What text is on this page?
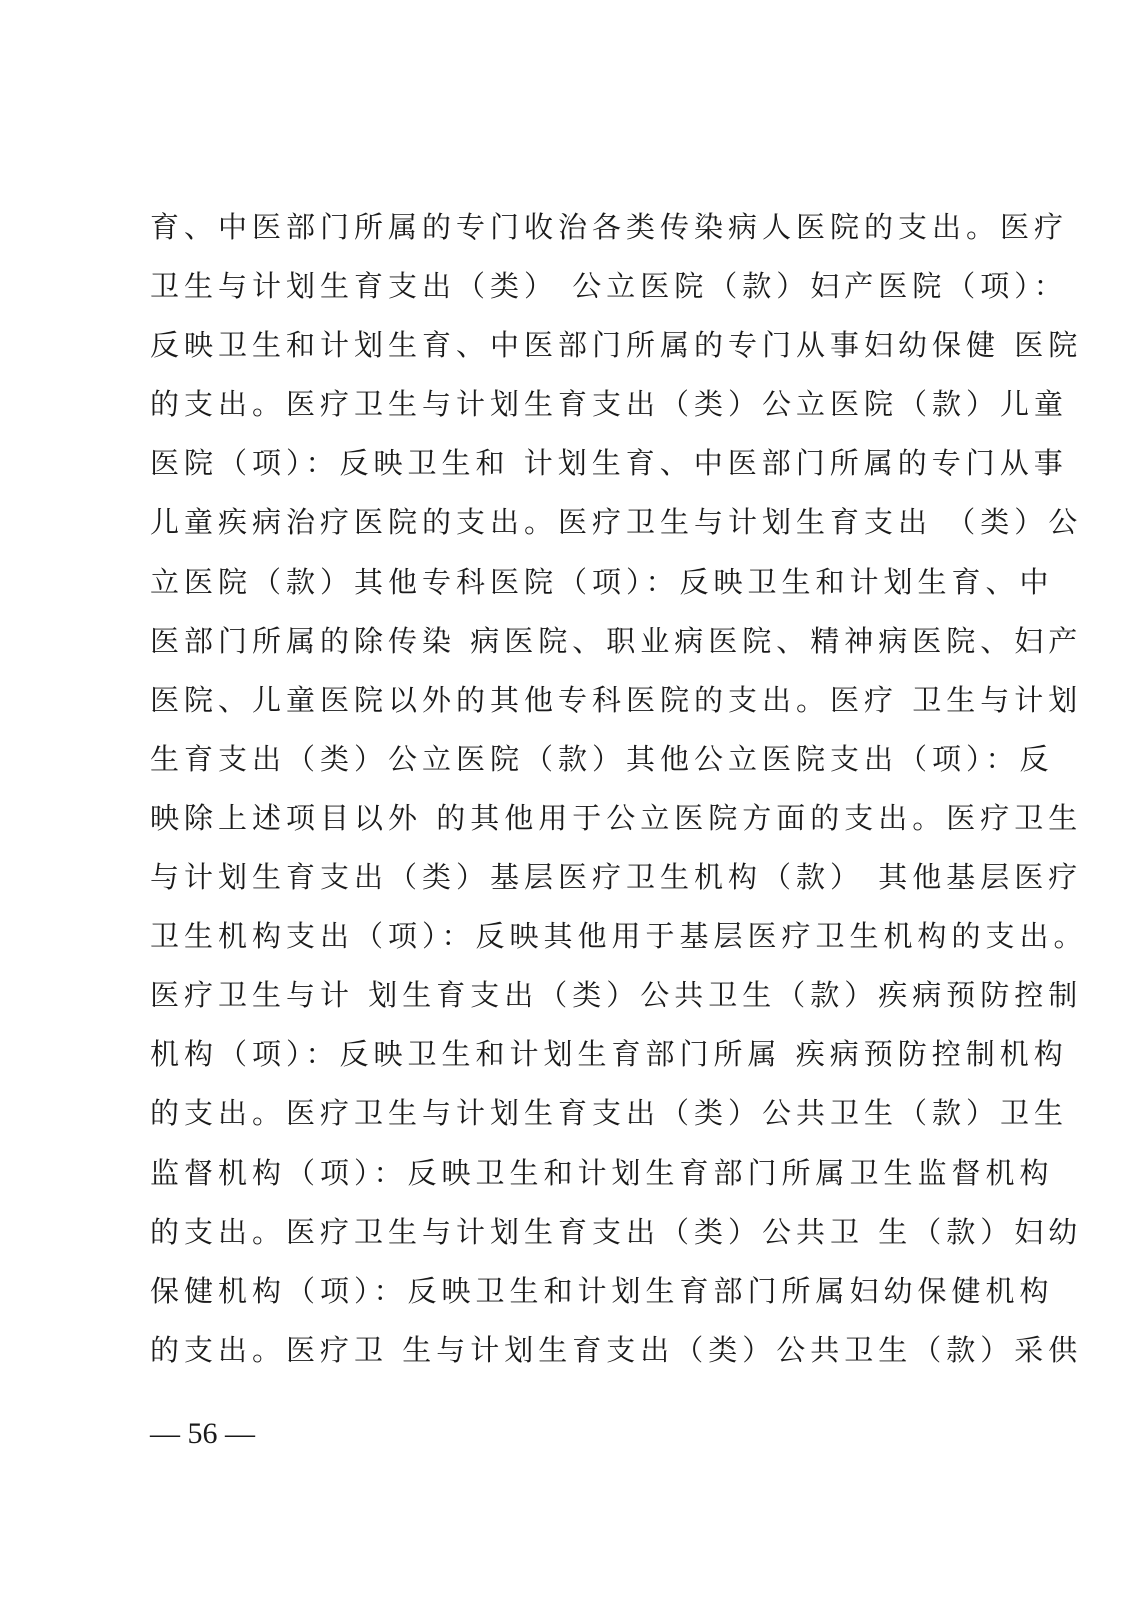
育、中医部门所属的专门收治各类传染病人医院的支出。医疗
卫生与计划生育支出（类） 公立医院（款）妇产医院（项）：
反映卫生和计划生育、中医部门所属的专门从事妇幼保健 医院
的支出。医疗卫生与计划生育支出（类）公立医院（款）儿童
医院（项）：反映卫生和 计划生育、中医部门所属的专门从事
儿童疾病治疗医院的支出。医疗卫生与计划生育支出 （类）公
立医院（款）其他专科医院（项）：反映卫生和计划生育、中
医部门所属的除传染 病医院、职业病医院、精神病医院、妇产
医院、儿童医院以外的其他专科医院的支出。医疗 卫生与计划
生育支出（类）公立医院（款）其他公立医院支出（项）：反
映除上述项目以外 的其他用于公立医院方面的支出。医疗卫生
与计划生育支出（类）基层医疗卫生机构（款） 其他基层医疗
卫生机构支出（项）：反映其他用于基层医疗卫生机构的支出。
医疗卫生与计 划生育支出（类）公共卫生（款）疾病预防控制
机构（项）：反映卫生和计划生育部门所属 疾病预防控制机构
的支出。医疗卫生与计划生育支出（类）公共卫生（款）卫生
监督机构（项）：反映卫生和计划生育部门所属卫生监督机构
的支出。医疗卫生与计划生育支出（类）公共卫 生（款）妇幼
保健机构（项）：反映卫生和计划生育部门所属妇幼保健机构
的支出。医疗卫 生与计划生育支出（类）公共卫生（款）采供
— 56 —
